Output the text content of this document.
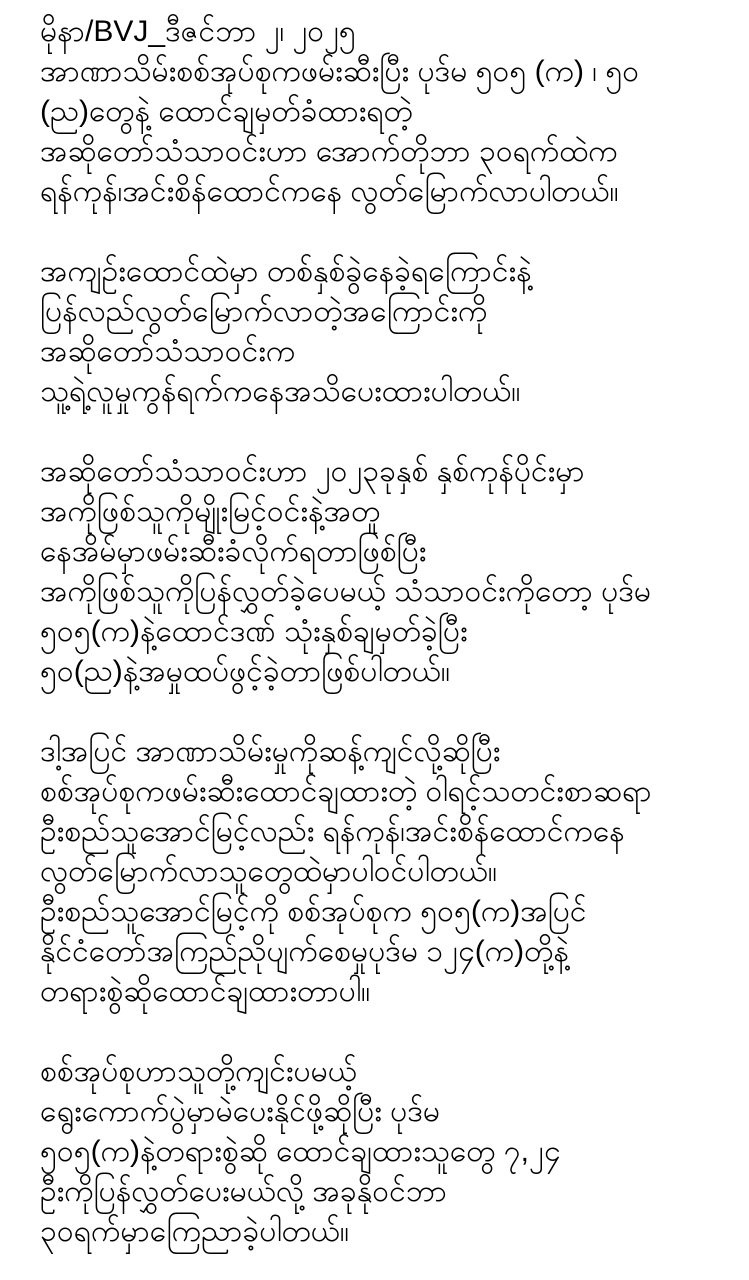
မိုနာ/BVJ_ဒီဇင်ဘာ ၂၊ ၂၀၂၅
အာဏာသိမ်းစစ်အုပ်စုကဖမ်းဆီးပြီး ပုဒ်မ ၅၀၅ (က) ၊ ၅၀
(ည)တွေနဲ့ ထောင်ချမှတ်ခံထားရတဲ့
အဆိုတော်သံသာဝင်းဟာ အောက်တိုဘာ ၃၀ရက်ထဲက
ရန်ကုန်၊အင်းစိန်ထောင်ကနေ လွတ်မြောက်လာပါတယ်။
အကျဉ်းထောင်ထဲမှာ တစ်နှစ်ခွဲနေခဲ့ရကြောင်းနဲ့
ပြန်လည်လွတ်မြောက်လာတဲ့အကြောင်းကို
အဆိုတော်သံသာဝင်းက
သူ့ရဲ့လူမှုကွန်ရက်ကနေအသိပေးထားပါတယ်။
အဆိုတော်သံသာဝင်းဟာ ၂၀၂၃ခုနှစ် နှစ်ကုန်ပိုင်းမှာ
အကိုဖြစ်သူကိုမျိုးမြင့်ဝင်းနဲ့အတူ
နေအိမ်မှာဖမ်းဆီးခံလိုက်ရတာဖြစ်ပြီး
အကိုဖြစ်သူကိုပြန်လွှတ်ခဲ့ပေမယ့် သံသာဝင်းကိုတော့ ပုဒ်မ
၅၀၅(က)နဲ့ထောင်ဒဏ် သုံးနှစ်ချမှတ်ခဲ့ပြီး
၅၀(ည)နဲ့အမှုထပ်ဖွင့်ခဲ့တာဖြစ်ပါတယ်။
ဒါ့အပြင် အာဏာသိမ်းမှုကိုဆန့်ကျင်လို့ဆိုပြီး
စစ်အုပ်စုကဖမ်းဆီးထောင်ချထားတဲ့ ဝါရင့်သတင်းစာဆရာ
ဦးစည်သူအောင်မြင့်လည်း ရန်ကုန်၊အင်းစိန်ထောင်ကနေ
လွတ်မြောက်လာသူတွေထဲမှာပါဝင်ပါတယ်။
ဦးစည်သူအောင်မြင့်ကို စစ်အုပ်စုက ၅၀၅(က)အပြင်
နိုင်ငံတော်အကြည်ညိုပျက်စေမှုပုဒ်မ ၁၂၄(က)တို့နဲ့
တရားစွဲဆိုထောင်ချထားတာပါ။
စစ်အုပ်စုဟာသူတို့ကျင်းပမယ့်
ရွေးကောက်ပွဲမှာမဲပေးနိုင်ဖို့ဆိုပြီး ပုဒ်မ
၅၀၅(က)နဲ့တရားစွဲဆို ထောင်ချထားသူတွေ ၇,၂၄
ဦးကိုပြန်လွှတ်ပေးမယ်လို့ အခုနိုဝင်ဘာ
၃၀ရက်မှာကြေညာခဲ့ပါတယ်။
